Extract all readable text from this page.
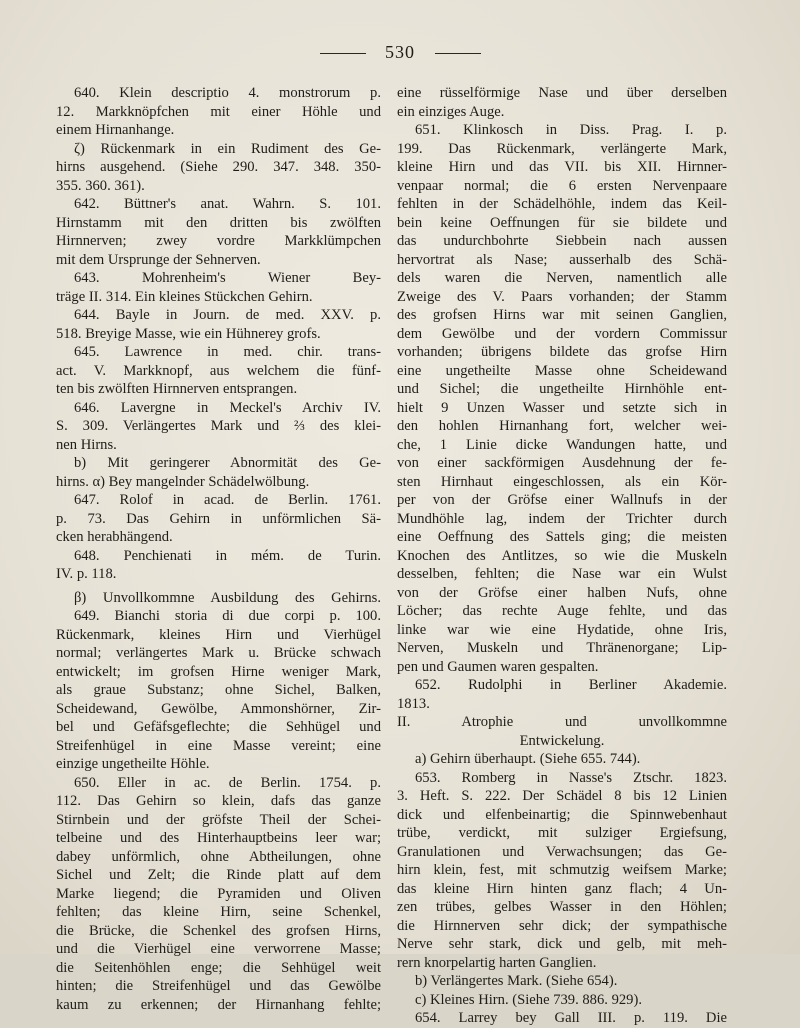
530
640. Klein descriptio 4. monstrorum p.
12. Markknöpfchen mit einer Höhle und
einem Hirnanhange.
ζ) Rückenmark in ein Rudiment des Ge-
hirns ausgehend. (Siehe 290. 347. 348. 350-
355. 360. 361).
642. Büttner's anat. Wahrn. S. 101.
Hirnstamm mit den dritten bis zwölften
Hirnnerven; zwey vordre Markklümpchen
mit dem Ursprunge der Sehnerven.
643. Mohrenheim's Wiener Bey-
träge II. 314. Ein kleines Stückchen Gehirn.
644. Bayle in Journ. de med. XXV. p.
518. Breyige Masse, wie ein Hühnerey grofs.
645. Lawrence in med. chir. trans-
act. V. Markknopf, aus welchem die fünf-
ten bis zwölften Hirnnerven entsprangen.
646. Lavergne in Meckel's Archiv IV.
S. 309. Verlängertes Mark und ⅔ des klei-
nen Hirns.
b) Mit geringerer Abnormität des Ge-
hirns. α) Bey mangelnder Schädelwölbung.
647. Rolof in acad. de Berlin. 1761.
p. 73. Das Gehirn in unförmlichen Sä-
cken herabhängend.
648. Penchienati in mém. de Turin.
IV. p. 118.
β) Unvollkommne Ausbildung des Gehirns.
649. Bianchi storia di due corpi p. 100.
Rückenmark, kleines Hirn und Vierhügel
normal; verlängertes Mark u. Brücke schwach
entwickelt; im grofsen Hirne weniger Mark,
als graue Substanz; ohne Sichel, Balken,
Scheidewand, Gewölbe, Ammonshörner, Zir-
bel und Gefäfsgeflechte; die Sehhügel und
Streifenhügel in eine Masse vereint; eine
einzige ungetheilte Höhle.
650. Eller in ac. de Berlin. 1754. p.
112. Das Gehirn so klein, dafs das ganze
Stirnbein und der gröfste Theil der Schei-
telbeine und des Hinterhauptbeins leer war;
dabey unförmlich, ohne Abtheilungen, ohne
Sichel und Zelt; die Rinde platt auf dem
Marke liegend; die Pyramiden und Oliven
fehlten; das kleine Hirn, seine Schenkel,
die Brücke, die Schenkel des grofsen Hirns,
und die Vierhügel eine verworrene Masse;
die Seitenhöhlen enge; die Sehhügel weit
hinten; die Streifenhügel und das Gewölbe
kaum zu erkennen; der Hirnanhang fehlte;
eine rüsselförmige Nase und über derselben
ein einziges Auge.
651. Klinkosch in Diss. Prag. I. p.
199. Das Rückenmark, verlängerte Mark,
kleine Hirn und das VII. bis XII. Hirnner-
venpaar normal; die 6 ersten Nervenpaare
fehlten in der Schädelhöhle, indem das Keil-
bein keine Oeffnungen für sie bildete und
das undurchbohrte Siebbein nach aussen
hervortrat als Nase; ausserhalb des Schä-
dels waren die Nerven, namentlich alle
Zweige des V. Paars vorhanden; der Stamm
des grofsen Hirns war mit seinen Ganglien,
dem Gewölbe und der vordern Commissur
vorhanden; übrigens bildete das grofse Hirn
eine ungetheilte Masse ohne Scheidewand
und Sichel; die ungetheilte Hirnhöhle ent-
hielt 9 Unzen Wasser und setzte sich in
den hohlen Hirnanhang fort, welcher wei-
che, 1 Linie dicke Wandungen hatte, und
von einer sackförmigen Ausdehnung der fe-
sten Hirnhaut eingeschlossen, als ein Kör-
per von der Gröfse einer Wallnufs in der
Mundhöhle lag, indem der Trichter durch
eine Oeffnung des Sattels ging; die meisten
Knochen des Antlitzes, so wie die Muskeln
desselben, fehlten; die Nase war ein Wulst
von der Gröfse einer halben Nufs, ohne
Löcher; das rechte Auge fehlte, und das
linke war wie eine Hydatide, ohne Iris,
Nerven, Muskeln und Thränenorgane; Lip-
pen und Gaumen waren gespalten.
652. Rudolphi in Berliner Akademie.
1813.
II. Atrophie und unvollkommne
Entwickelung.
a) Gehirn überhaupt. (Siehe 655. 744).
653. Romberg in Nasse's Ztschr. 1823.
3. Heft. S. 222. Der Schädel 8 bis 12 Linien
dick und elfenbeinartig; die Spinnwebenhaut
trübe, verdickt, mit sulziger Ergiefsung,
Granulationen und Verwachsungen; das Ge-
hirn klein, fest, mit schmutzig weifsem Marke;
das kleine Hirn hinten ganz flach; 4 Un-
zen trübes, gelbes Wasser in den Höhlen;
die Hirnnerven sehr dick; der sympathische
Nerve sehr stark, dick und gelb, mit meh-
rern knorpelartig harten Ganglien.
b) Verlängertes Mark. (Siehe 654).
c) Kleines Hirn. (Siehe 739. 886. 929).
654. Larrey bey Gall III. p. 119. Die
